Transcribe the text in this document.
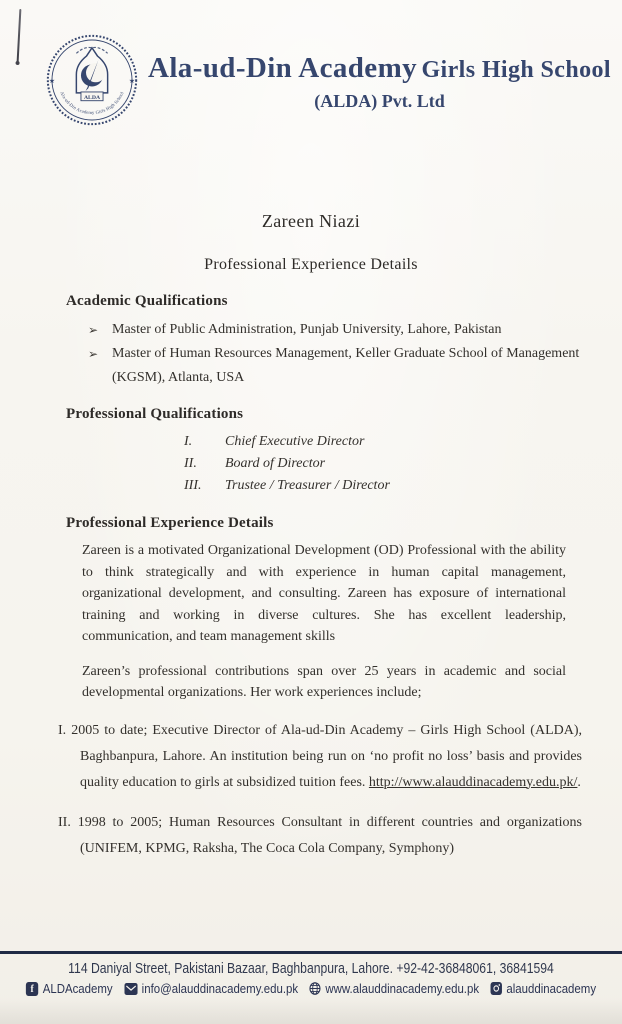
ALDA
Ala-ud-Din Academy Girls High School
★	★ Ala-ud-Din Academy Girls High School
(ALDA) Pvt. Ltd
Zareen Niazi
Professional Experience Details
Academic Qualifications
➢ Master of Public Administration, Punjab University, Lahore, Pakistan
➢ Master of Human Resources Management, Keller Graduate School of Management (KGSM), Atlanta, USA
Professional Qualifications
I.	Chief Executive Director
II.	Board of Director
III.	Trustee / Treasurer / Director
Professional Experience Details

Zareen is a motivated Organizational Development (OD) Professional with the ability to think strategically and with experience in human capital management, organizational development, and consulting. Zareen has exposure of international training and working in diverse cultures. She has excellent leadership, communication, and team management skills

Zareen’s professional contributions span over 25 years in academic and social developmental organizations. Her work experiences include;

I. 2005 to date; Executive Director of Ala-ud-Din Academy – Girls High School (ALDA), Baghbanpura, Lahore. An institution being run on ‘no profit no loss’ basis and provides quality education to girls at subsidized tuition fees. http://www.alauddinacademy.edu.pk/.

II. 1998 to 2005; Human Resources Consultant in different countries and organizations (UNIFEM, KPMG, Raksha, The Coca Cola Company, Symphony)

114 Daniyal Street, Pakistani Bazaar, Baghbanpura, Lahore. +92-42-36848061, 36841594
f ALDAcademy info@alauddinacademy.edu.pk www.alauddinacademy.edu.pk alauddinacademy
